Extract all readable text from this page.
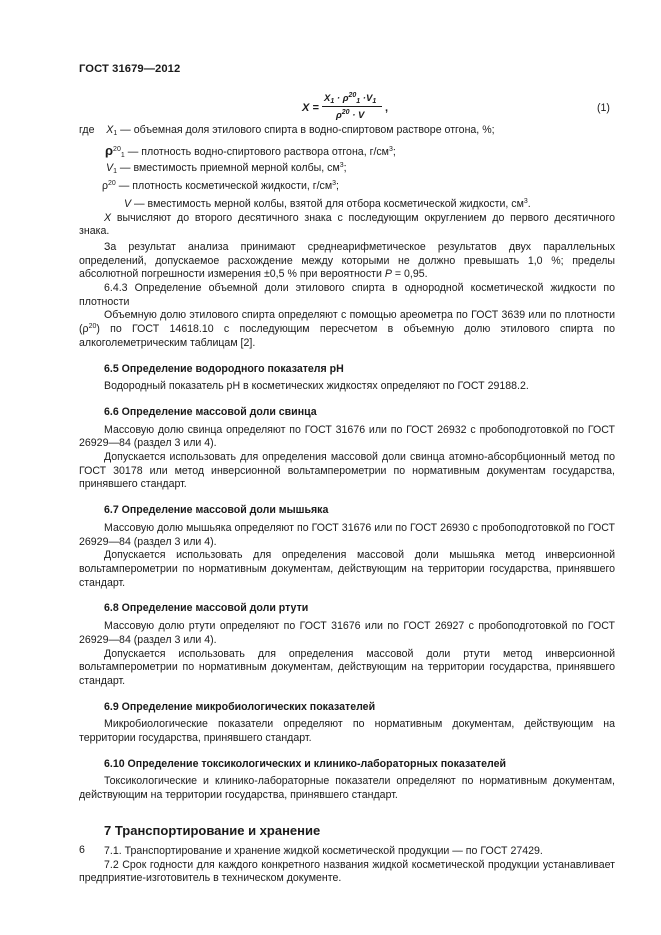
ГОСТ 31679—2012
X =
$X_1 \cdot \rho^{20}_1 \cdot V_1$
$\rho^{20} \cdot V$
,	(1)

где $X_1$ — объемная доля этилового спирта в водно-спиртовом растворе отгона, %;

$\rho^{20}_1$ — плотность водно-спиртового раствора отгона, $г/см^3$;

$V_1$ — вместимость приемной мерной колбы, $см^3$;

$\rho^{20}$ — плотность косметической жидкости, $г/см^3$;

V — вместимость мерной колбы, взятой для отбора косметической жидкости, $см^3$.

X вычисляют до второго десятичного знака с последующим округлением до первого десятичного знака.

За результат анализа принимают среднеарифметическое результатов двух параллельных определений, допускаемое расхождение между которыми не должно превышать 1,0 %; пределы абсолютной погрешности измерения ±0,5 % при вероятности P = 0,95.

6.4.3 Определение объемной доли этилового спирта в однородной косметической жидкости по плотности

Объемную долю этилового спирта определяют с помощью ареометра по ГОСТ 3639 или по плотности $(\rho^{20})$ по ГОСТ 14618.10 с последующим пересчетом в объемную долю этилового спирта по алкоголеметрическим таблицам [2].

6.5 Определение водородного показателя pH

Водородный показатель pH в косметических жидкостях определяют по ГОСТ 29188.2.

6.6 Определение массовой доли свинца

Массовую долю свинца определяют по ГОСТ 31676 или по ГОСТ 26932 с пробоподготовкой по ГОСТ 26929—84 (раздел 3 или 4).

Допускается использовать для определения массовой доли свинца атомно-абсорбционный метод по ГОСТ 30178 или метод инверсионной вольтамперометрии по нормативным документам государства, принявшего стандарт.

6.7 Определение массовой доли мышьяка

Массовую долю мышьяка определяют по ГОСТ 31676 или по ГОСТ 26930 с пробоподготовкой по ГОСТ 26929—84 (раздел 3 или 4).

Допускается использовать для определения массовой доли мышьяка метод инверсионной вольтамперометрии по нормативным документам, действующим на территории государства, принявшего стандарт.

6.8 Определение массовой доли ртути

Массовую долю ртути определяют по ГОСТ 31676 или по ГОСТ 26927 с пробоподготовкой по ГОСТ 26929—84 (раздел 3 или 4).

Допускается использовать для определения массовой доли ртути метод инверсионной вольтамперометрии по нормативным документам, действующим на территории государства, принявшего стандарт.

6.9 Определение микробиологических показателей

Микробиологические показатели определяют по нормативным документам, действующим на территории государства, принявшего стандарт.

6.10 Определение токсикологических и клинико-лабораторных показателей

Токсикологические и клинико-лабораторные показатели определяют по нормативным документам, действующим на территории государства, принявшего стандарт.

7 Транспортирование и хранение

7.1. Транспортирование и хранение жидкой косметической продукции — по ГОСТ 27429.

7.2 Срок годности для каждого конкретного названия жидкой косметической продукции устанавливает предприятие-изготовитель в техническом документе.

6
